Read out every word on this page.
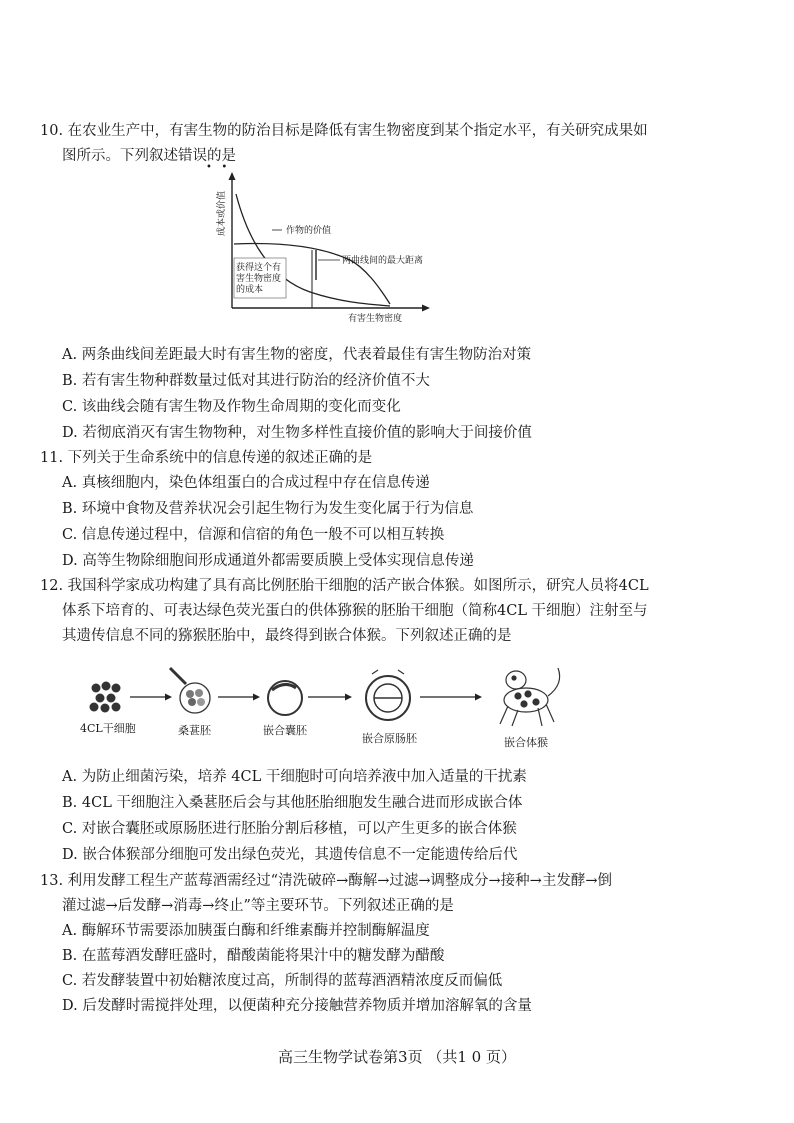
10. 在农业生产中，有害生物的防治目标是降低有害生物密度到某个指定水平，有关研究成果如
图所示。下列叙述错误的是
•   •
获得这个有
害生物密度
的成本
作物的价值
两曲线间的最大距离
成本或价值
有害生物密度
A. 两条曲线间差距最大时有害生物的密度，代表着最佳有害生物防治对策
B. 若有害生物种群数量过低对其进行防治的经济价值不大
C. 该曲线会随有害生物及作物生命周期的变化而变化
D. 若彻底消灭有害生物物种，对生物多样性直接价值的影响大于间接价值
11. 下列关于生命系统中的信息传递的叙述正确的是
A. 真核细胞内，染色体组蛋白的合成过程中存在信息传递
B. 环境中食物及营养状况会引起生物行为发生变化属于行为信息
C. 信息传递过程中，信源和信宿的角色一般不可以相互转换
D. 高等生物除细胞间形成通道外都需要质膜上受体实现信息传递
12. 我国科学家成功构建了具有高比例胚胎干细胞的活产嵌合体猴。如图所示，研究人员将4CL
体系下培育的、可表达绿色荧光蛋白的供体猕猴的胚胎干细胞（简称4CL 干细胞）注射至与
其遗传信息不同的猕猴胚胎中，最终得到嵌合体猴。下列叙述正确的是
4CL干细胞	桑葚胚	嵌合囊胚
嵌合原肠胚	嵌合体猴
A. 为防止细菌污染，培养 4CL 干细胞时可向培养液中加入适量的干扰素
B. 4CL 干细胞注入桑葚胚后会与其他胚胎细胞发生融合进而形成嵌合体
C. 对嵌合囊胚或原肠胚进行胚胎分割后移植，可以产生更多的嵌合体猴
D. 嵌合体猴部分细胞可发出绿色荧光，其遗传信息不一定能遗传给后代
13. 利用发酵工程生产蓝莓酒需经过“清洗破碎→酶解→过滤→调整成分→接种→主发酵→倒
灌过滤→后发酵→消毒→终止”等主要环节。下列叙述正确的是
A. 酶解环节需要添加胰蛋白酶和纤维素酶并控制酶解温度
B. 在蓝莓酒发酵旺盛时，醋酸菌能将果汁中的糖发酵为醋酸
C. 若发酵装置中初始糖浓度过高，所制得的蓝莓酒酒精浓度反而偏低
D. 后发酵时需搅拌处理，以便菌种充分接触营养物质并增加溶解氧的含量
高三生物学试卷第3页 （共1 0 页）
